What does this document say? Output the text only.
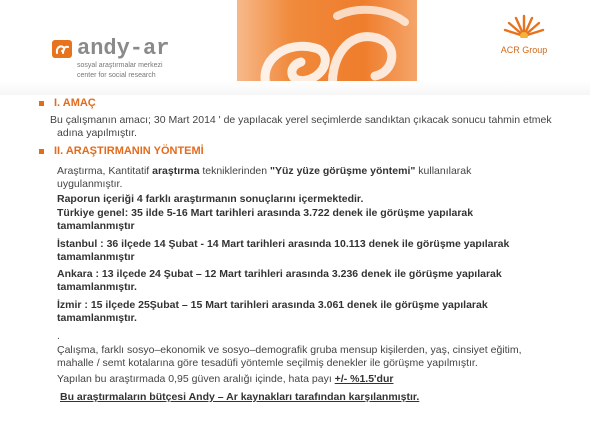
andy-ar
sosyal araştırmalar merkezi
center for social research
ACR Group
I. AMAÇ
Bu çalışmanın amacı; 30 Mart 2014 ' de yapılacak yerel seçimlerde sandıktan çıkacak sonucu tahmin etmek
adına yapılmıştır.
II. ARAŞTIRMANIN YÖNTEMİ
Araştırma, Kantitatif araştırma tekniklerinden "Yüz yüze görüşme yöntemi" kullanılarak
uygulanmıştır.
Raporun içeriği 4 farklı araştırmanın sonuçlarını içermektedir.
Türkiye genel: 35 ilde 5-16 Mart tarihleri arasında 3.722 denek ile görüşme yapılarak
tamamlanmıştır
İstanbul : 36 ilçede 14 Şubat - 14 Mart tarihleri arasında 10.113 denek ile görüşme yapılarak
tamamlanmıştır
Ankara : 13 ilçede 24 Şubat – 12 Mart tarihleri arasında 3.236 denek ile görüşme yapılarak
tamamlanmıştır.
İzmir : 15 ilçede 25Şubat – 15 Mart tarihleri arasında 3.061 denek ile görüşme yapılarak
tamamlanmıştır.
.
Çalışma, farklı sosyo–ekonomik ve sosyo–demografik gruba mensup kişilerden, yaş, cinsiyet eğitim,
mahalle / semt kotalarına göre tesadüfi yöntemle seçilmiş denekler ile görüşme yapılmıştır.
Yapılan bu araştırmada 0,95 güven aralığı içinde, hata payı +/- %1.5'dur
Bu araştırmaların bütçesi Andy – Ar kaynakları tarafından karşılanmıştır.
